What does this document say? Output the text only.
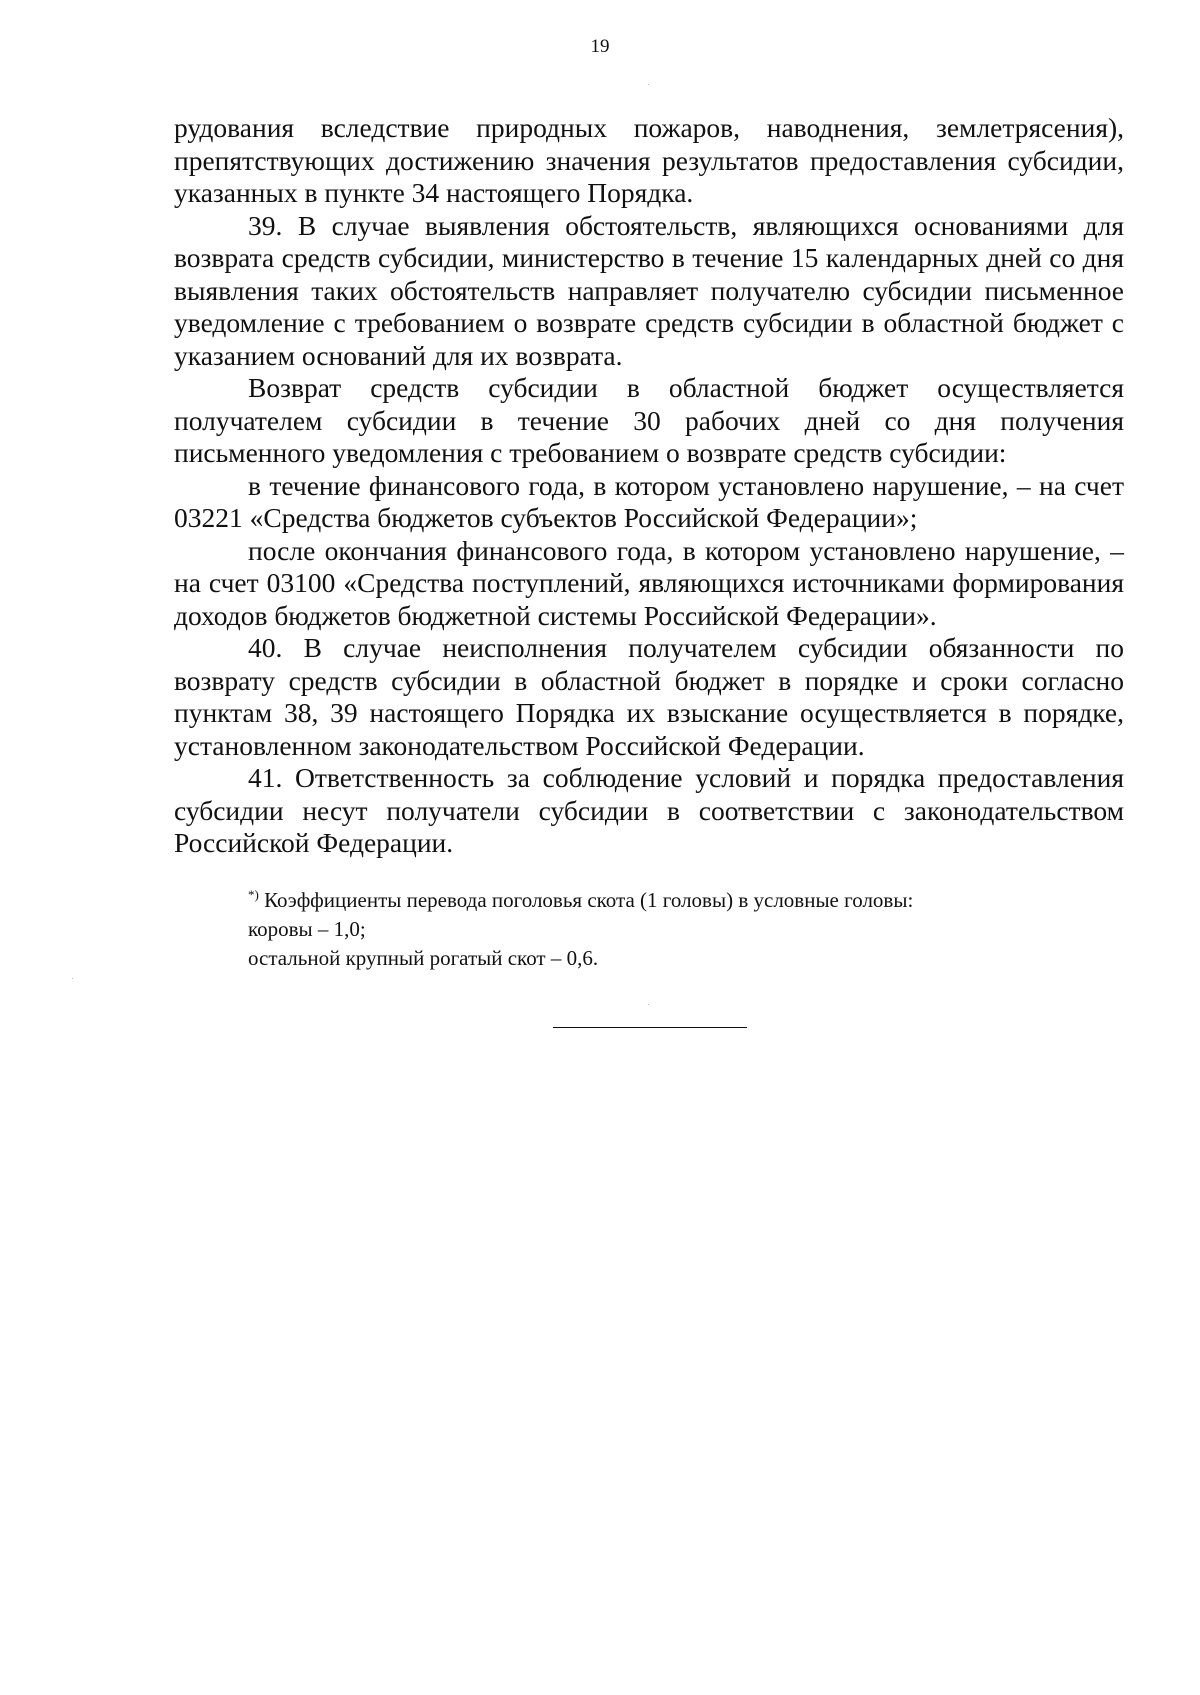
19

рудования вследствие природных пожаров, наводнения, землетрясения), препятствующих достижению значения результатов предоставления субсидии, указанных в пункте 34 настоящего Порядка.

39. В случае выявления обстоятельств, являющихся основаниями для возврата средств субсидии, министерство в течение 15 календарных дней со дня выявления таких обстоятельств направляет получателю субсидии письменное уведомление с требованием о возврате средств субсидии в областной бюджет с указанием оснований для их возврата.

Возврат средств субсидии в областной бюджет осуществляется получателем субсидии в течение 30 рабочих дней со дня получения письменного уведомления с требованием о возврате средств субсидии:

в течение финансового года, в котором установлено нарушение, – на счет 03221 «Средства бюджетов субъектов Российской Федерации»;

после окончания финансового года, в котором установлено нарушение, – на счет 03100 «Средства поступлений, являющихся источниками формирования доходов бюджетов бюджетной системы Российской Федерации».

40. В случае неисполнения получателем субсидии обязанности по возврату средств субсидии в областной бюджет в порядке и сроки согласно пунктам 38, 39 настоящего Порядка их взыскание осуществляется в порядке, установленном законодательством Российской Федерации.

41. Ответственность за соблюдение условий и порядка предоставления субсидии несут получатели субсидии в соответствии с законодательством Российской Федерации.

*) Коэффициенты перевода поголовья скота (1 головы) в условные головы:

коровы – 1,0;

остальной крупный рогатый скот – 0,6.
